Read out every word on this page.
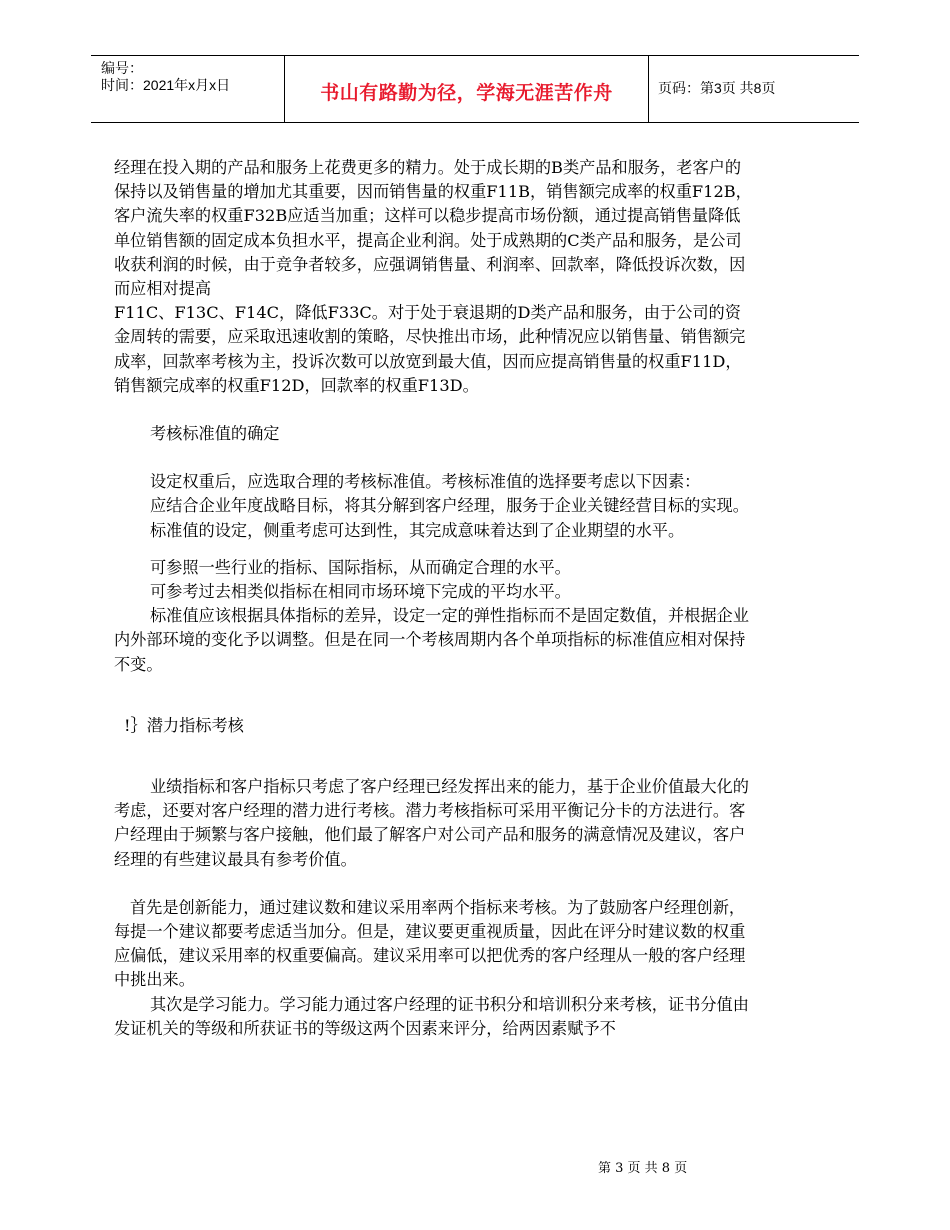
编号：
时间：2021年x月x日	书山有路勤为径，学海无涯苦作舟	页码：第3页 共8页

经理在投入期的产品和服务上花费更多的精力。处于成长期的B类产品和服务，老客户的保持以及销售量的增加尤其重要，因而销售量的权重F11B，销售额完成率的权重F12B，客户流失率的权重F32B应适当加重；这样可以稳步提高市场份额，通过提高销售量降低单位销售额的固定成本负担水平，提高企业利润。处于成熟期的C类产品和服务，是公司收获利润的时候，由于竞争者较多，应强调销售量、利润率、回款率，降低投诉次数，因而应相对提高

F11C、F13C、F14C，降低F33C。对于处于衰退期的D类产品和服务，由于公司的资金周转的需要，应采取迅速收割的策略，尽快推出市场，此种情况应以销售量、销售额完成率，回款率考核为主，投诉次数可以放宽到最大值，因而应提高销售量的权重F11D，销售额完成率的权重F12D，回款率的权重F13D。

考核标准值的确定

设定权重后，应选取合理的考核标准值。考核标准值的选择要考虑以下因素：

应结合企业年度战略目标，将其分解到客户经理，服务于企业关键经营目标的实现。

标准值的设定，侧重考虑可达到性，其完成意味着达到了企业期望的水平。

可参照一些行业的指标、国际指标，从而确定合理的水平。

可参考过去相类似指标在相同市场环境下完成的平均水平。

标准值应该根据具体指标的差异，设定一定的弹性指标而不是固定数值，并根据企业内外部环境的变化予以调整。但是在同一个考核周期内各个单项指标的标准值应相对保持不变。

!｝潜力指标考核

业绩指标和客户指标只考虑了客户经理已经发挥出来的能力，基于企业价值最大化的考虑，还要对客户经理的潜力进行考核。潜力考核指标可采用平衡记分卡的方法进行。客户经理由于频繁与客户接触，他们最了解客户对公司产品和服务的满意情况及建议，客户经理的有些建议最具有参考价值。

首先是创新能力，通过建议数和建议采用率两个指标来考核。为了鼓励客户经理创新，每提一个建议都要考虑适当加分。但是，建议要更重视质量，因此在评分时建议数的权重应偏低，建议采用率的权重要偏高。建议采用率可以把优秀的客户经理从一般的客户经理中挑出来。

其次是学习能力。学习能力通过客户经理的证书积分和培训积分来考核，证书分值由发证机关的等级和所获证书的等级这两个因素来评分，给两因素赋予不

第 3 页 共 8 页
